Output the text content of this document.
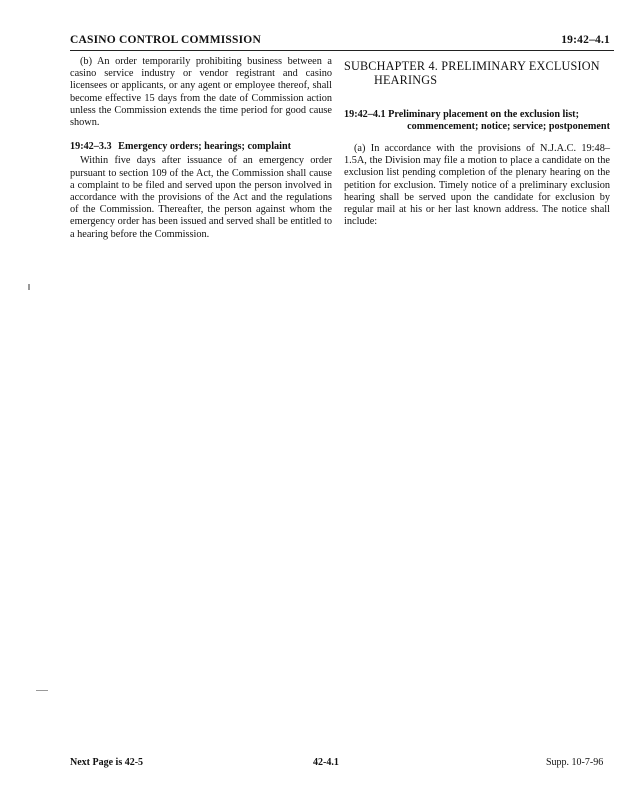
CASINO CONTROL COMMISSION	19:42–4.1

(b) An order temporarily prohibiting business between a casino service industry or vendor registrant and casino licensees or applicants, or any agent or employee thereof, shall become effective 15 days from the date of Commission action unless the Commission extends the time period for good cause shown.

19:42–3.3 Emergency orders; hearings; complaint

Within five days after issuance of an emergency order pursuant to section 109 of the Act, the Commission shall cause a complaint to be filed and served upon the person involved in accordance with the provisions of the Act and the regulations of the Commission. Thereafter, the person against whom the emergency order has been issued and served shall be entitled to a hearing before the Commission.

SUBCHAPTER 4. PRELIMINARY EXCLUSION
HEARINGS
19:42–4.1 Preliminary placement on the exclusion list;
commencement; notice; service; postponement

(a) In accordance with the provisions of N.J.A.C. 19:48–1.5A, the Division may file a motion to place a candidate on the exclusion list pending completion of the plenary hearing on the petition for exclusion. Timely notice of a preliminary exclusion hearing shall be served upon the candidate for exclusion by regular mail at his or her last known address. The notice shall include:

Next Page is 42-5	42-4.1	Supp. 10-7-96
